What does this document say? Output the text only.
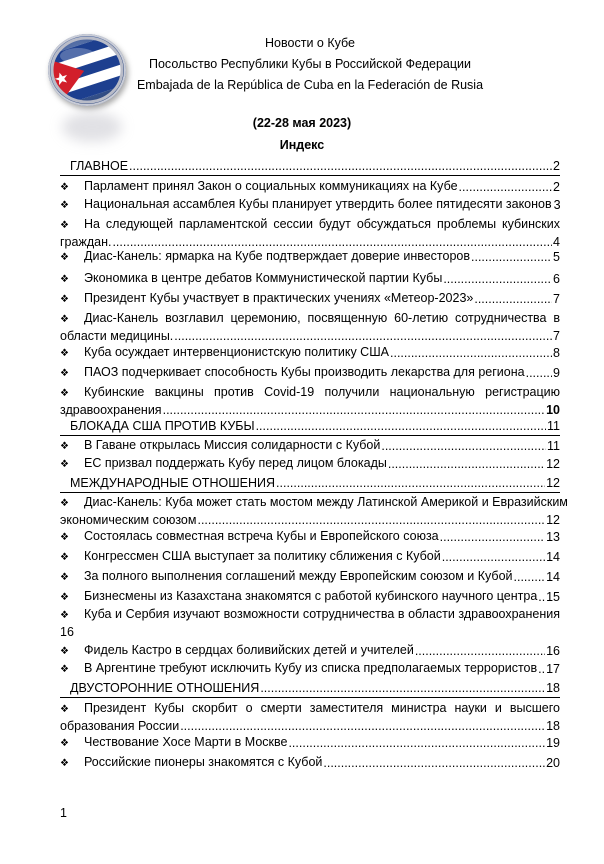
Новости о Кубе
Посольство Республики Кубы в Российской Федерации
Embajada de la República de Cuba en la Federación de Rusia
(22-28 мая 2023)
Индекс
ГЛАВНОЕ .....	2
❖ Парламент принял Закон о социальных коммуникациях на Кубе .....	2
❖ Национальная ассамблея Кубы планирует утвердить более пятидесяти законов 3
❖ На следующей парламентской сессии будут обсуждаться проблемы кубинских
граждан. .....	4
❖ Диас-Канель: ярмарка на Кубе подтверждает доверие инвесторов .....	5
❖ Экономика в центре дебатов Коммунистической партии Кубы .....	6
❖ Президент Кубы участвует в практических учениях «Метеор-2023» .....	7
❖ Диас-Канель возглавил церемонию, посвященную 60-летию сотрудничества в
области медицины. .....	7
❖ Куба осуждает интервенционистскую политику США .....	8
❖ ПАОЗ подчеркивает способность Кубы производить лекарства для региона ..... 9
❖ Кубинские вакцины против Covid-19 получили национальную регистрацию
здравоохранения .....	10
БЛОКАДА США ПРОТИВ КУБЫ .....	11
❖ В Гаване открылась Миссия солидарности с Кубой .....	11
❖ ЕС призвал поддержать Кубу перед лицом блокады .....	12
МЕЖДУНАРОДНЫЕ ОТНОШЕНИЯ .....	12
❖ Диас-Канель: Куба может стать мостом между Латинской Америкой и Евразийским
экономическим союзом .....	12
❖ Состоялась совместная встреча Кубы и Европейского союза .....	13
❖ Конгрессмен США выступает за политику сближения с Кубой .....	14
❖ За полного выполнения соглашений между Европейским союзом и Кубой .....	14
❖ Бизнесмены из Казахстана знакомятся с работой кубинского научного центра ..... 15
❖ Куба и Сербия изучают возможности сотрудничества в области здравоохранения
16
❖ Фидель Кастро в сердцах боливийских детей и учителей .....	16
❖ В Аргентине требуют исключить Кубу из списка предполагаемых террористов ..... 17
ДВУСТОРОННИЕ ОТНОШЕНИЯ .....	18
❖ Президент Кубы скорбит о смерти заместителя министра науки и высшего
образования России .....	18
❖ Чествование Хосе Марти в Москве .....	19
❖ Российские пионеры знакомятся с Кубой .....	20
1
